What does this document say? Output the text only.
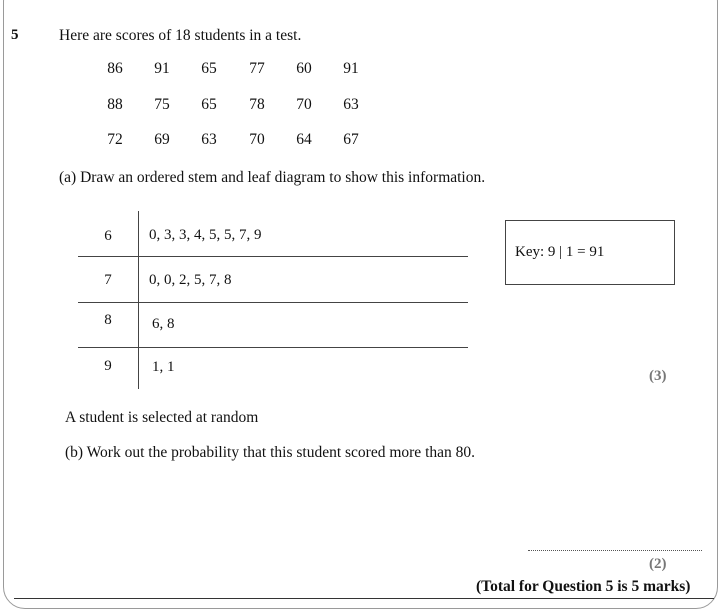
5	Here are scores of 18 students in a test.
86	91	65	77	60	91
88	75	65	78	70	63
72	69	63	70	64	67
(a) Draw an ordered stem and leaf diagram to show this information.
6	0, 3, 3, 4, 5, 5, 7, 9
7	0, 0, 2, 5, 7, 8
8	6, 8
9	1, 1
Key: 9 | 1 = 91
(3)
A student is selected at random
(b) Work out the probability that this student scored more than 80.
(2)
(Total for Question 5 is 5 marks)
